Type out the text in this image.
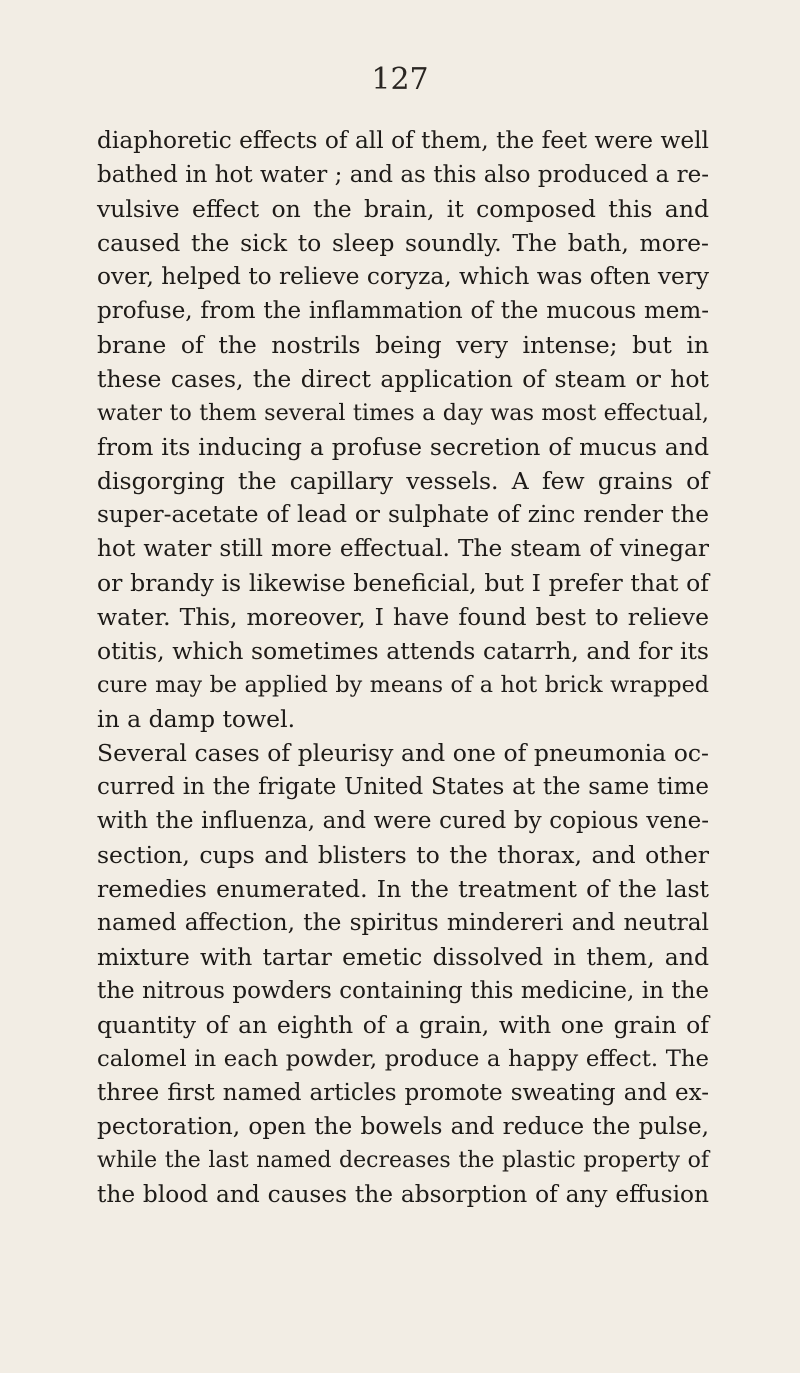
127
diaphoretic effects of all of them, the feet were well
bathed in hot water ; and as this also produced a re-
vulsive effect on the brain, it composed this and
caused the sick to sleep soundly. The bath, more-
over, helped to relieve coryza, which was often very
profuse, from the inflammation of the mucous mem-
brane of the nostrils being very intense; but in
these cases, the direct application of steam or hot
water to them several times a day was most effectual,
from its inducing a profuse secretion of mucus and
disgorging the capillary vessels. A few grains of
super-acetate of lead or sulphate of zinc render the
hot water still more effectual. The steam of vinegar
or brandy is likewise beneficial, but I prefer that of
water. This, moreover, I have found best to relieve
otitis, which sometimes attends catarrh, and for its
cure may be applied by means of a hot brick wrapped
in a damp towel.
Several cases of pleurisy and one of pneumonia oc-
curred in the frigate United States at the same time
with the influenza, and were cured by copious vene-
section, cups and blisters to the thorax, and other
remedies enumerated. In the treatment of the last
named affection, the spiritus mindereri and neutral
mixture with tartar emetic dissolved in them, and
the nitrous powders containing this medicine, in the
quantity of an eighth of a grain, with one grain of
calomel in each powder, produce a happy effect. The
three first named articles promote sweating and ex-
pectoration, open the bowels and reduce the pulse,
while the last named decreases the plastic property of
the blood and causes the absorption of any effusion
